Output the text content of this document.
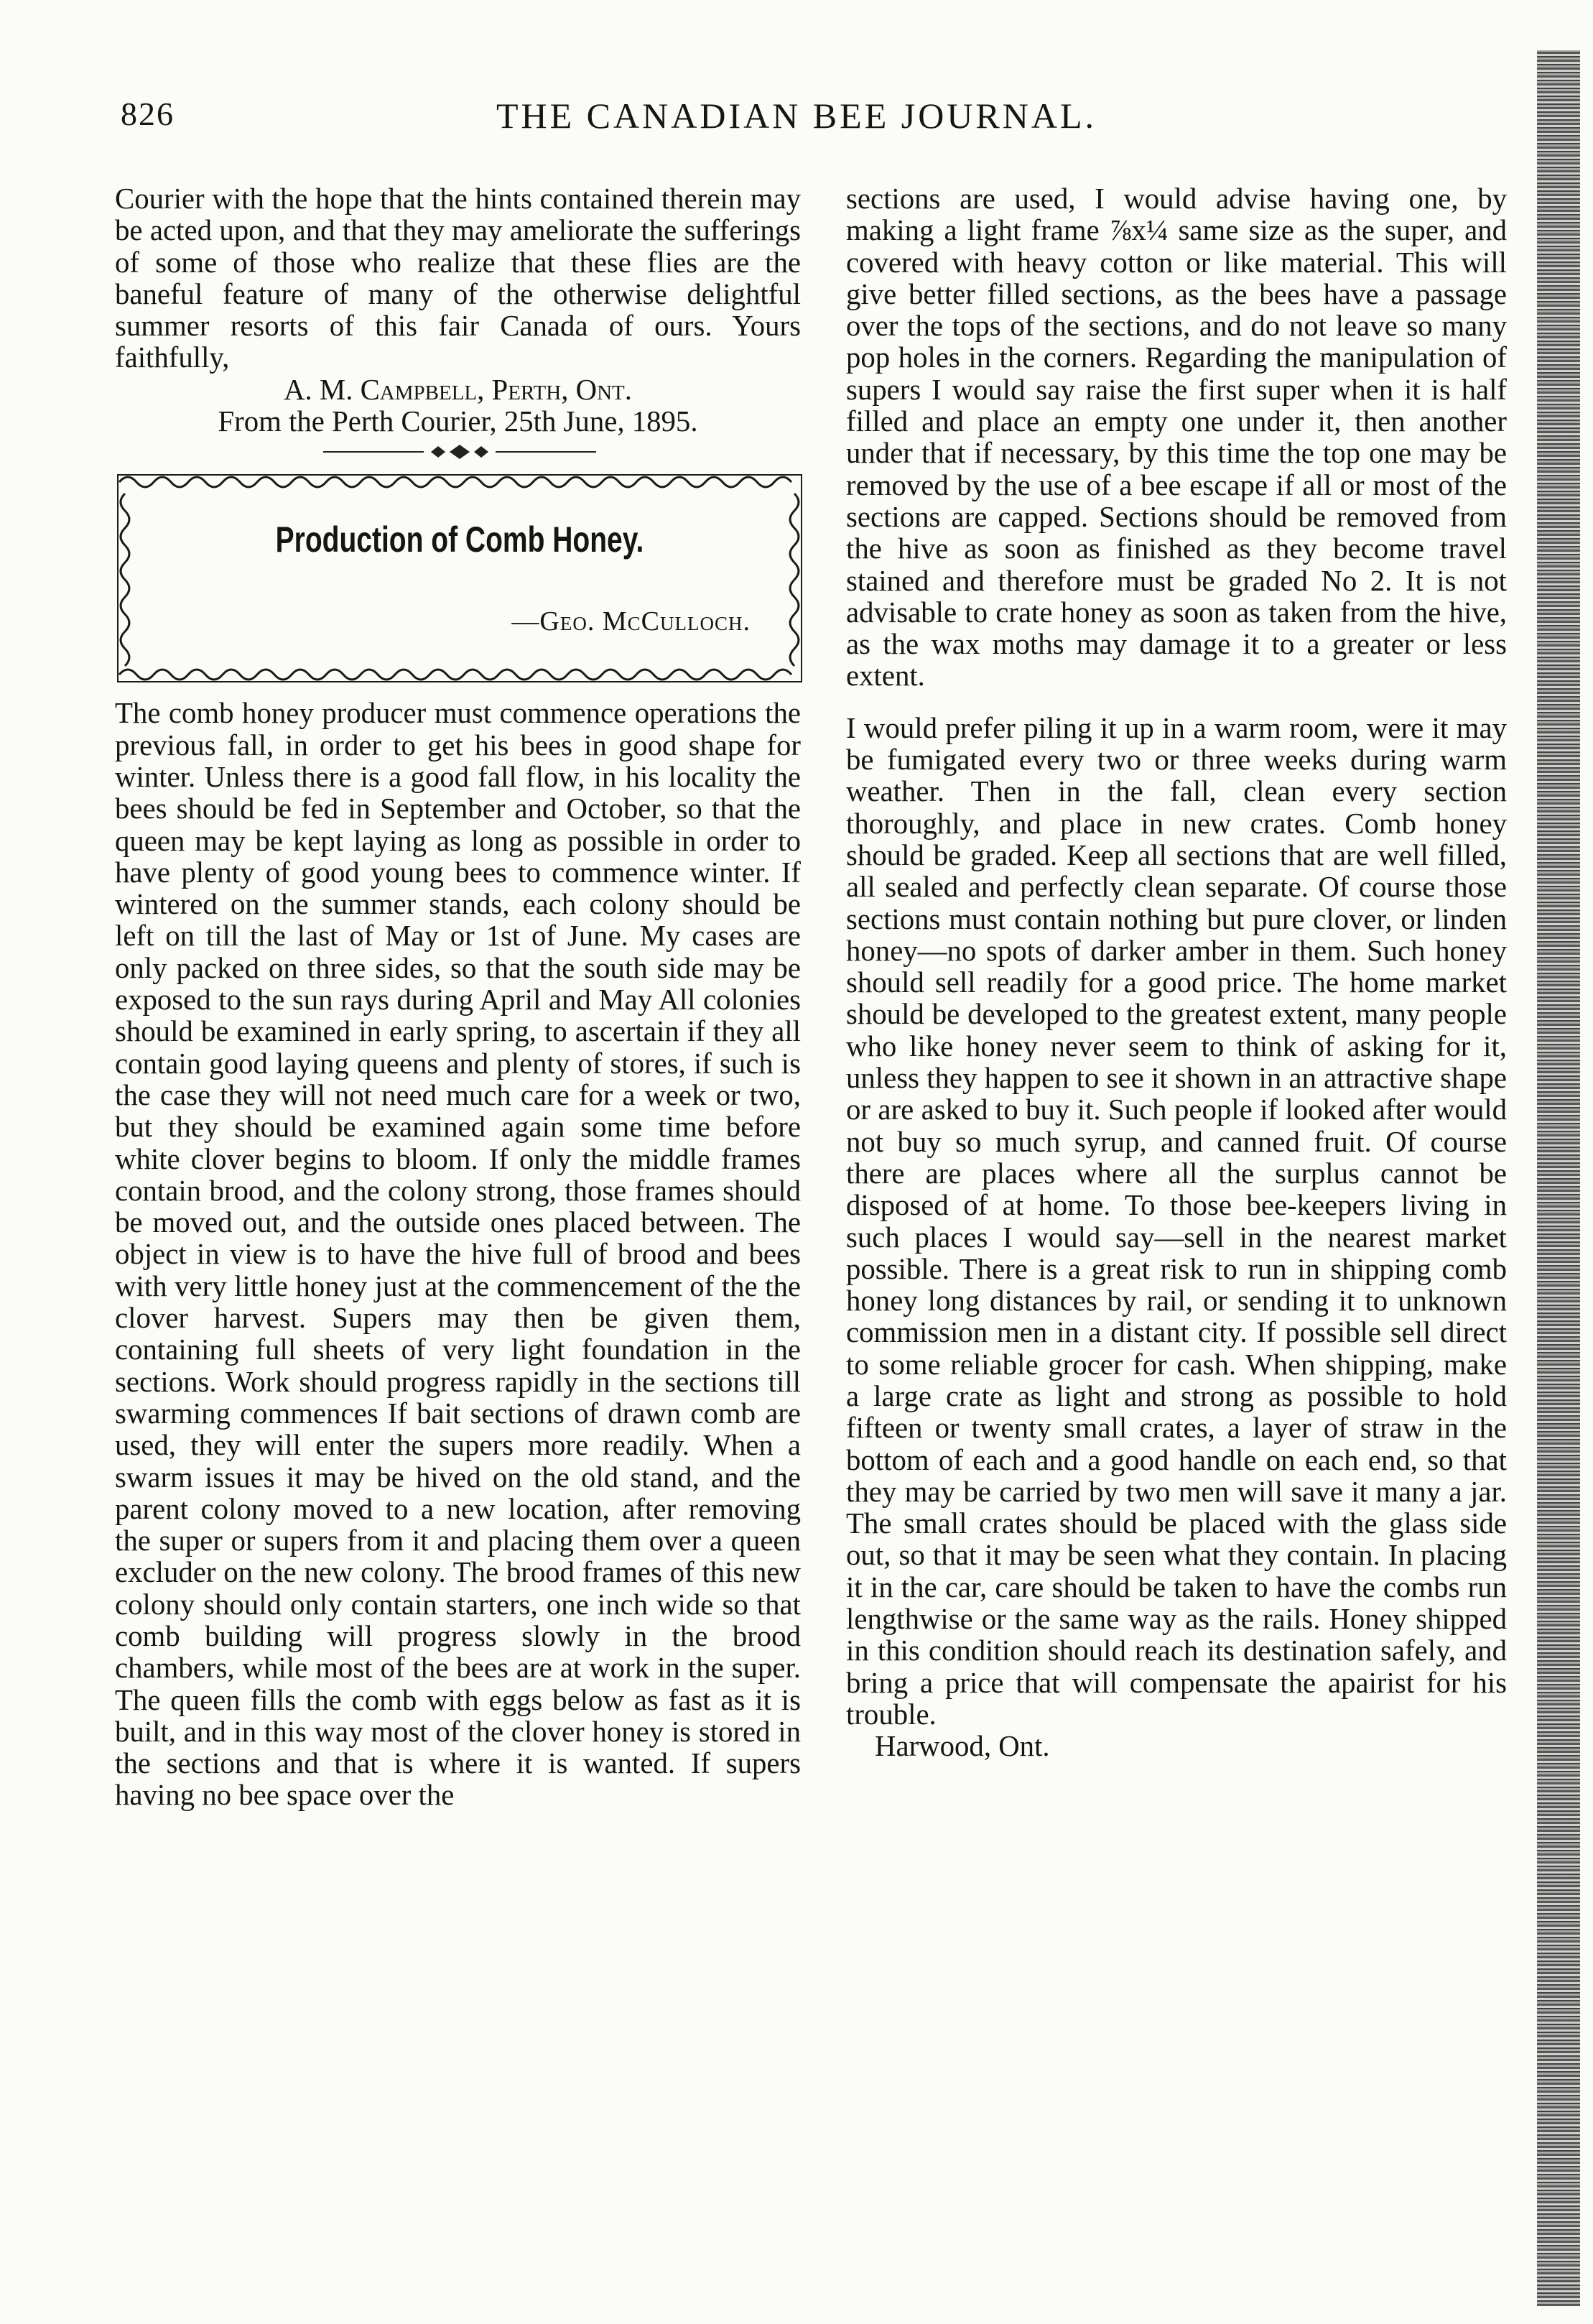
THE CANADIAN BEE JOURNAL.
826

Courier with the hope that the hints contained therein may be acted upon, and that they may ameliorate the sufferings of some of those who realize that these flies are the baneful feature of many of the otherwise delightful summer resorts of this fair Canada of ours. Yours faithfully,

A. M. Campbell, Perth, Ont.

From the Perth Courier, 25th June, 1895.

Production of Comb Honey.
—Geo. McCulloch.

The comb honey producer must commence operations the previous fall, in order to get his bees in good shape for winter. Unless there is a good fall flow, in his locality the bees should be fed in September and October, so that the queen may be kept laying as long as possible in order to have plenty of good young bees to commence winter. If wintered on the summer stands, each colony should be left on till the last of May or 1st of June. My cases are only packed on three sides, so that the south side may be exposed to the sun rays during April and May All colonies should be examined in early spring, to ascertain if they all contain good laying queens and plenty of stores, if such is the case they will not need much care for a week or two, but they should be examined again some time before white clover begins to bloom. If only the middle frames contain brood, and the colony strong, those frames should be moved out, and the outside ones placed between. The object in view is to have the hive full of brood and bees with very little honey just at the commencement of the the clover harvest. Supers may then be given them, containing full sheets of very light foundation in the sections. Work should progress rapidly in the sections till swarming commences If bait sections of drawn comb are used, they will enter the supers more readily. When a swarm issues it may be hived on the old stand, and the parent colony moved to a new location, after removing the super or supers from it and placing them over a queen excluder on the new colony. The brood frames of this new colony should only contain starters, one inch wide so that comb building will progress slowly in the brood chambers, while most of the bees are at work in the super. The queen fills the comb with eggs below as fast as it is built, and in this way most of the clover honey is stored in the sections and that is where it is wanted. If supers having no bee space over the

sections are used, I would advise having one, by making a light frame ⅞x¼ same size as the super, and covered with heavy cotton or like material. This will give better filled sections, as the bees have a passage over the tops of the sections, and do not leave so many pop holes in the corners. Regarding the manipulation of supers I would say raise the first super when it is half filled and place an empty one under it, then another under that if necessary, by this time the top one may be removed by the use of a bee escape if all or most of the sections are capped. Sections should be removed from the hive as soon as finished as they become travel stained and therefore must be graded No 2. It is not advisable to crate honey as soon as taken from the hive, as the wax moths may damage it to a greater or less extent.

I would prefer piling it up in a warm room, were it may be fumigated every two or three weeks during warm weather. Then in the fall, clean every section thoroughly, and place in new crates. Comb honey should be graded. Keep all sections that are well filled, all sealed and perfectly clean separate. Of course those sections must contain nothing but pure clover, or linden honey—no spots of darker amber in them. Such honey should sell readily for a good price. The home market should be developed to the greatest extent, many people who like honey never seem to think of asking for it, unless they happen to see it shown in an attractive shape or are asked to buy it. Such people if looked after would not buy so much syrup, and canned fruit. Of course there are places where all the surplus cannot be disposed of at home. To those bee-keepers living in such places I would say—sell in the nearest market possible. There is a great risk to run in shipping comb honey long distances by rail, or sending it to unknown commission men in a distant city. If possible sell direct to some reliable grocer for cash. When shipping, make a large crate as light and strong as possible to hold fifteen or twenty small crates, a layer of straw in the bottom of each and a good handle on each end, so that they may be carried by two men will save it many a jar. The small crates should be placed with the glass side out, so that it may be seen what they contain. In placing it in the car, care should be taken to have the combs run lengthwise or the same way as the rails. Honey shipped in this condition should reach its destination safely, and bring a price that will compensate the apairist for his trouble.

Harwood, Ont.
